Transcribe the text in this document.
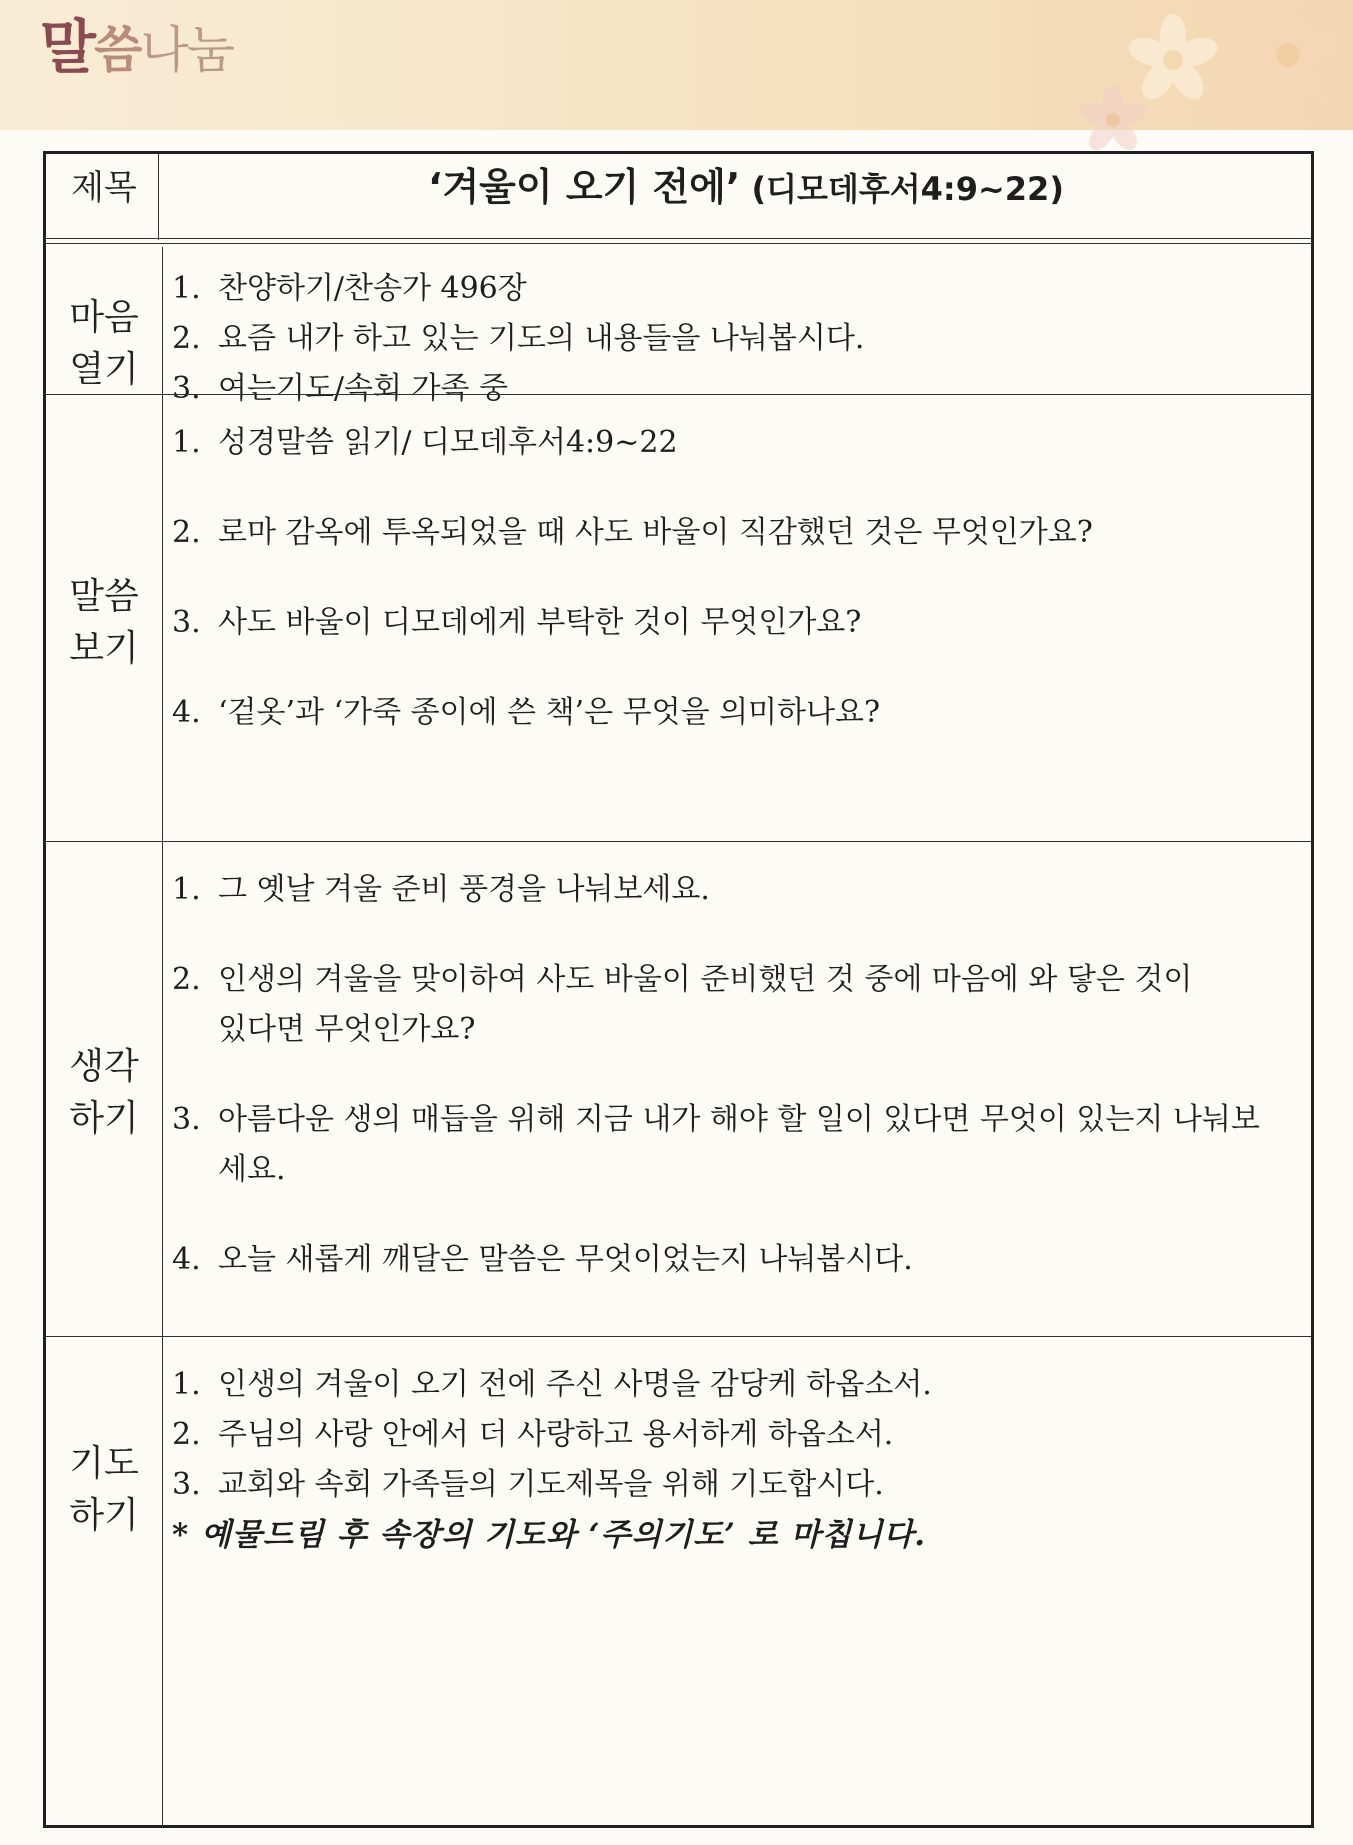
말씀나눔
제목	‘겨울이 오기 전에’ (디모데후서4:9~22)
마음
열기
1. 찬양하기/찬송가 496장
2. 요즘 내가 하고 있는 기도의 내용들을 나눠봅시다.
3. 여는기도/속회 가족 중
말씀
보기
1. 성경말씀 읽기/ 디모데후서4:9~22
2. 로마 감옥에 투옥되었을 때 사도 바울이 직감했던 것은 무엇인가요?
3. 사도 바울이 디모데에게 부탁한 것이 무엇인가요?
4. ‘겉옷’과 ‘가죽 종이에 쓴 책’은 무엇을 의미하나요?
생각
하기
1. 그 옛날 겨울 준비 풍경을 나눠보세요.
2. 인생의 겨울을 맞이하여 사도 바울이 준비했던 것 중에 마음에 와 닿은 것이 있다면 무엇인가요?
3. 아름다운 생의 매듭을 위해 지금 내가 해야 할 일이 있다면 무엇이 있는지 나눠보세요.
4. 오늘 새롭게 깨달은 말씀은 무엇이었는지 나눠봅시다.
기도
하기
1. 인생의 겨울이 오기 전에 주신 사명을 감당케 하옵소서.
2. 주님의 사랑 안에서 더 사랑하고 용서하게 하옵소서.
3. 교회와 속회 가족들의 기도제목을 위해 기도합시다.
* 예물드림 후 속장의 기도와 ‘주의기도’ 로 마칩니다.
